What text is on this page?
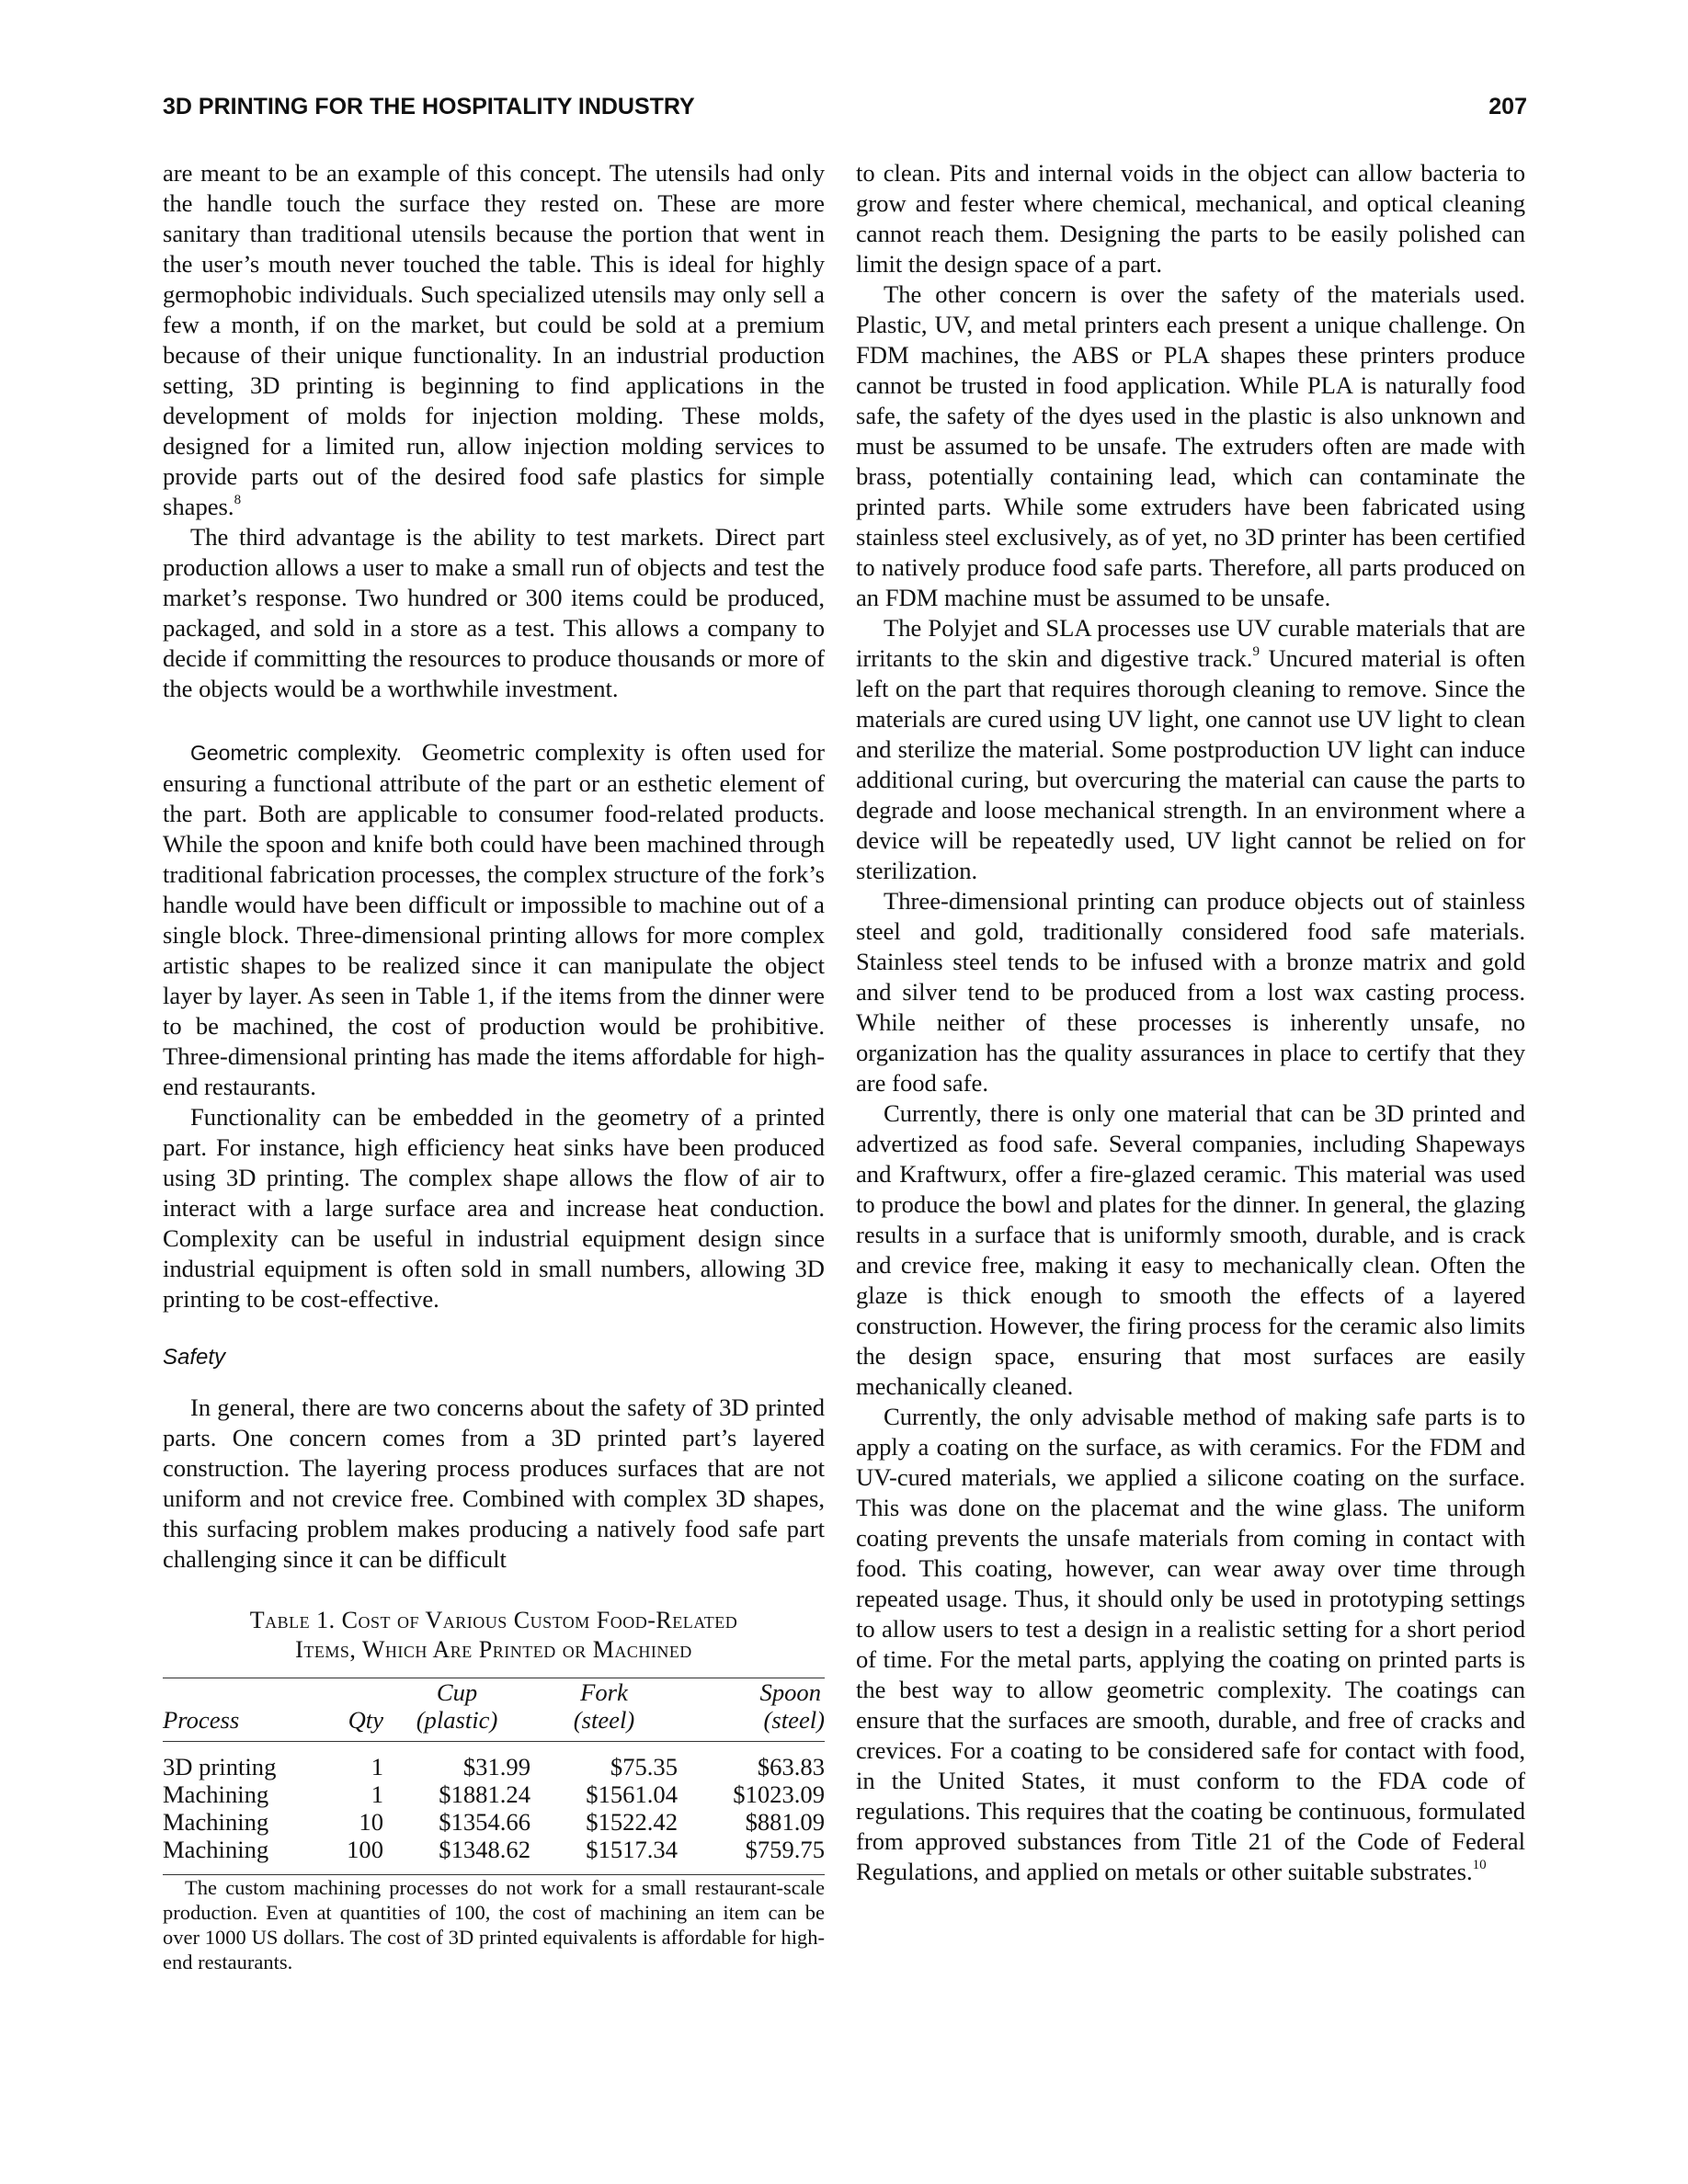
3D PRINTING FOR THE HOSPITALITY INDUSTRY	207

are meant to be an example of this concept. The utensils had only the handle touch the surface they rested on. These are more sanitary than traditional utensils because the portion that went in the user’s mouth never touched the table. This is ideal for highly germophobic individuals. Such specialized utensils may only sell a few a month, if on the market, but could be sold at a premium because of their unique functionality. In an industrial production setting, 3D printing is beginning to find applications in the development of molds for injection molding. These molds, designed for a limited run, allow injection molding services to provide parts out of the desired food safe plastics for simple shapes.$^8$

The third advantage is the ability to test markets. Direct part production allows a user to make a small run of objects and test the market’s response. Two hundred or 300 items could be produced, packaged, and sold in a store as a test. This allows a company to decide if committing the resources to produce thousands or more of the objects would be a worthwhile investment.

Geometric complexity. Geometric complexity is often used for ensuring a functional attribute of the part or an esthetic element of the part. Both are applicable to consumer food-related products. While the spoon and knife both could have been machined through traditional fabrication processes, the complex structure of the fork’s handle would have been difficult or impossible to machine out of a single block. Three-dimensional printing allows for more complex artistic shapes to be realized since it can manipulate the object layer by layer. As seen in Table 1, if the items from the dinner were to be machined, the cost of production would be prohibitive. Three-dimensional printing has made the items affordable for high-end restaurants.

Functionality can be embedded in the geometry of a printed part. For instance, high efficiency heat sinks have been produced using 3D printing. The complex shape allows the flow of air to interact with a large surface area and increase heat conduction. Complexity can be useful in industrial equipment design since industrial equipment is often sold in small numbers, allowing 3D printing to be cost-effective.

Safety

In general, there are two concerns about the safety of 3D printed parts. One concern comes from a 3D printed part’s layered construction. The layering process produces surfaces that are not uniform and not crevice free. Combined with complex 3D shapes, this surfacing problem makes producing a natively food safe part challenging since it can be difficult

Table 1. Cost of Various Custom Food-Related
Items, Which Are Printed or Machined

		Cup	Fork	Spoon
Process	Qty	(plastic)	(steel)	(steel)
3D printing	1	$31.99	$75.35	$63.83
Machining	1	$1881.24	$1561.04	$1023.09
Machining	10	$1354.66	$1522.42	$881.09
Machining	100	$1348.62	$1517.34	$759.75

The custom machining processes do not work for a small restaurant-scale production. Even at quantities of 100, the cost of machining an item can be over 1000 US dollars. The cost of 3D printed equivalents is affordable for high-end restaurants.

to clean. Pits and internal voids in the object can allow bacteria to grow and fester where chemical, mechanical, and optical cleaning cannot reach them. Designing the parts to be easily polished can limit the design space of a part.

The other concern is over the safety of the materials used. Plastic, UV, and metal printers each present a unique challenge. On FDM machines, the ABS or PLA shapes these printers produce cannot be trusted in food application. While PLA is naturally food safe, the safety of the dyes used in the plastic is also unknown and must be assumed to be unsafe. The extruders often are made with brass, potentially containing lead, which can contaminate the printed parts. While some extruders have been fabricated using stainless steel exclusively, as of yet, no 3D printer has been certified to natively produce food safe parts. Therefore, all parts produced on an FDM machine must be assumed to be unsafe.

The Polyjet and SLA processes use UV curable materials that are irritants to the skin and digestive track.$^9$ Uncured material is often left on the part that requires thorough cleaning to remove. Since the materials are cured using UV light, one cannot use UV light to clean and sterilize the material. Some postproduction UV light can induce additional curing, but overcuring the material can cause the parts to degrade and loose mechanical strength. In an environment where a device will be repeatedly used, UV light cannot be relied on for sterilization.

Three-dimensional printing can produce objects out of stainless steel and gold, traditionally considered food safe materials. Stainless steel tends to be infused with a bronze matrix and gold and silver tend to be produced from a lost wax casting process. While neither of these processes is inherently unsafe, no organization has the quality assurances in place to certify that they are food safe.

Currently, there is only one material that can be 3D printed and advertized as food safe. Several companies, including Shapeways and Kraftwurx, offer a fire-glazed ceramic. This material was used to produce the bowl and plates for the dinner. In general, the glazing results in a surface that is uniformly smooth, durable, and is crack and crevice free, making it easy to mechanically clean. Often the glaze is thick enough to smooth the effects of a layered construction. However, the firing process for the ceramic also limits the design space, ensuring that most surfaces are easily mechanically cleaned.

Currently, the only advisable method of making safe parts is to apply a coating on the surface, as with ceramics. For the FDM and UV-cured materials, we applied a silicone coating on the surface. This was done on the placemat and the wine glass. The uniform coating prevents the unsafe materials from coming in contact with food. This coating, however, can wear away over time through repeated usage. Thus, it should only be used in prototyping settings to allow users to test a design in a realistic setting for a short period of time. For the metal parts, applying the coating on printed parts is the best way to allow geometric complexity. The coatings can ensure that the surfaces are smooth, durable, and free of cracks and crevices. For a coating to be considered safe for contact with food, in the United States, it must conform to the FDA code of regulations. This requires that the coating be continuous, formulated from approved substances from Title 21 of the Code of Federal Regulations, and applied on metals or other suitable substrates.$^{10}$
